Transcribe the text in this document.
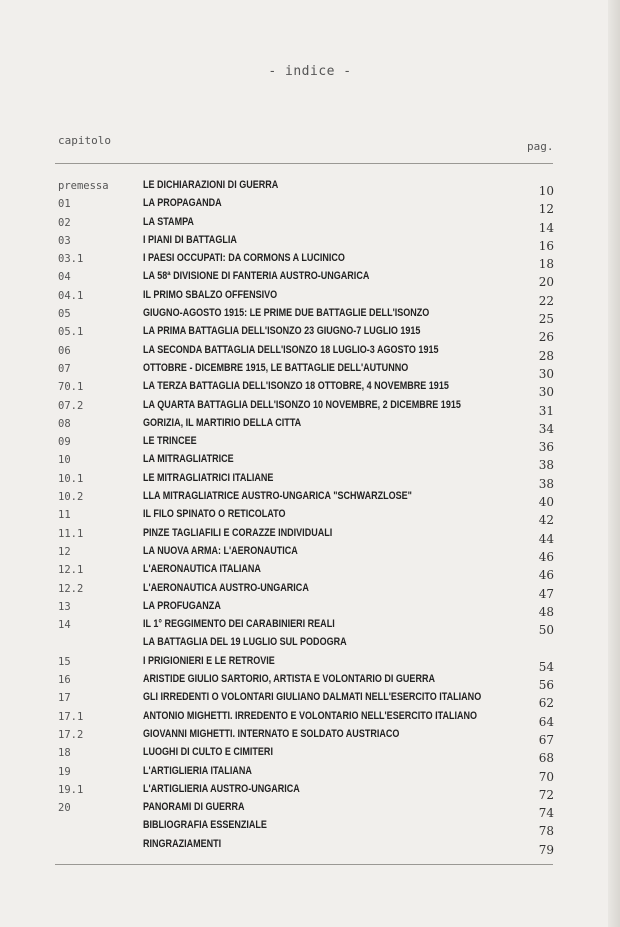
- indice -
capitolo	pag.
premessa	LE DICHIARAZIONI DI GUERRA	10
01	LA PROPAGANDA	12
02	LA STAMPA	14
03	I PIANI DI BATTAGLIA	16
03.1	I PAESI OCCUPATI: DA CORMONS A LUCINICO	18
04	LA 58ª DIVISIONE DI FANTERIA AUSTRO-UNGARICA	20
04.1	IL PRIMO SBALZO OFFENSIVO	22
05	GIUGNO-AGOSTO 1915: LE PRIME DUE BATTAGLIE DELL'ISONZO	25
05.1	LA PRIMA BATTAGLIA DELL'ISONZO 23 GIUGNO-7 LUGLIO 1915	26
06	LA SECONDA BATTAGLIA DELL'ISONZO 18 LUGLIO-3 AGOSTO 1915	28
07	OTTOBRE - DICEMBRE 1915, LE BATTAGLIE DELL'AUTUNNO	30
70.1	LA TERZA BATTAGLIA DELL'ISONZO 18 OTTOBRE, 4 NOVEMBRE 1915	30
07.2	LA QUARTA BATTAGLIA DELL'ISONZO 10 NOVEMBRE, 2 DICEMBRE 1915	31
08	GORIZIA, IL MARTIRIO DELLA CITTA	34
09	LE TRINCEE	36
10	LA MITRAGLIATRICE	38
10.1	LE MITRAGLIATRICI ITALIANE	38
10.2	LLA MITRAGLIATRICE AUSTRO-UNGARICA "SCHWARZLOSE"	40
11	IL FILO SPINATO O RETICOLATO	42
11.1	PINZE TAGLIAFILI E CORAZZE INDIVIDUALI	44
12	LA NUOVA ARMA: L'AERONAUTICA	46
12.1	L'AERONAUTICA ITALIANA	46
12.2	L'AERONAUTICA AUSTRO-UNGARICA	47
13	LA PROFUGANZA	48
14	IL 1° REGGIMENTO DEI CARABINIERI REALI	50
LA BATTAGLIA DEL 19 LUGLIO SUL PODOGRA
15	I PRIGIONIERI E LE RETROVIE	54
16	ARISTIDE GIULIO SARTORIO, ARTISTA E VOLONTARIO DI GUERRA	56
17	GLI IRREDENTI O VOLONTARI GIULIANO DALMATI NELL'ESERCITO ITALIANO	62
17.1	ANTONIO MIGHETTI. IRREDENTO E VOLONTARIO NELL'ESERCITO ITALIANO	64
17.2	GIOVANNI MIGHETTI. INTERNATO E SOLDATO AUSTRIACO	67
18	LUOGHI DI CULTO E CIMITERI	68
19	L'ARTIGLIERIA ITALIANA	70
19.1	L'ARTIGLIERIA AUSTRO-UNGARICA	72
20	PANORAMI DI GUERRA	74
BIBLIOGRAFIA ESSENZIALE	78
RINGRAZIAMENTI	79
